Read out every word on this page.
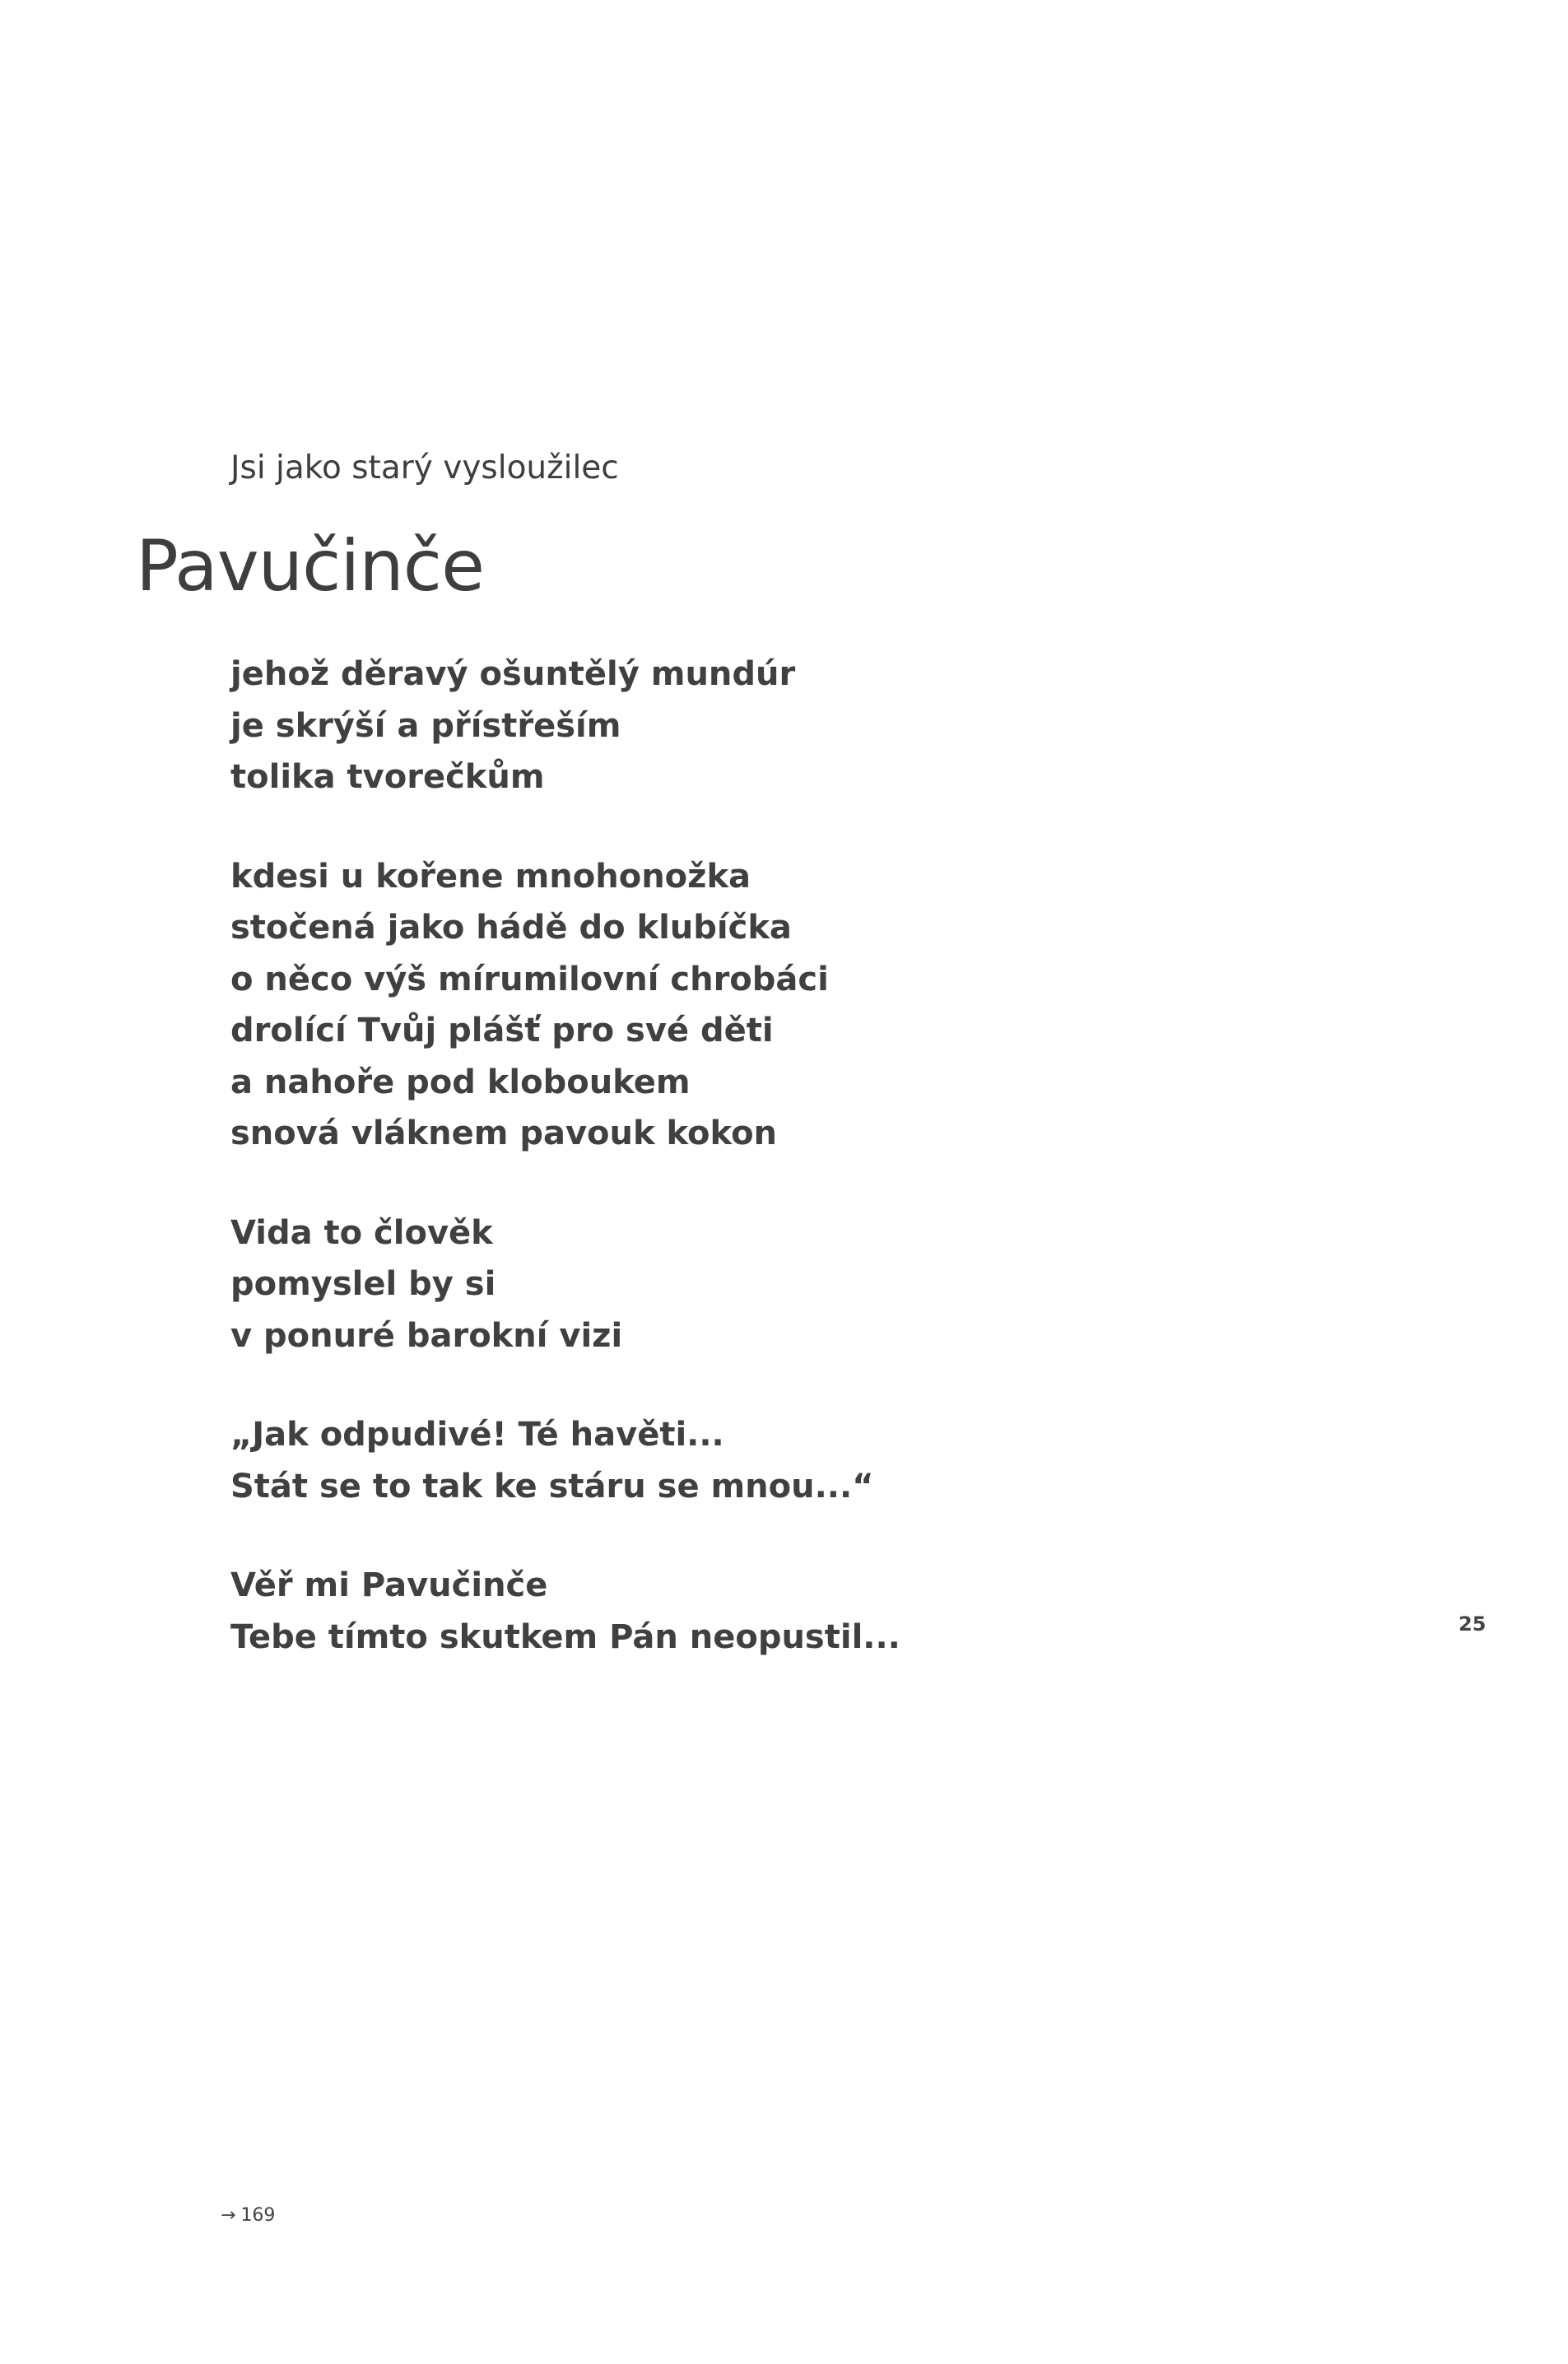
Jsi jako starý vysloužilec
Pavučinče
jehož děravý ošuntělý mundúr
je skrýší a přístřeším
tolika tvorečkům
kdesi u kořene mnohonožka
stočená jako hádě do klubíčka
o něco výš mírumilovní chrobáci
drolící Tvůj plášť pro své děti
a nahoře pod kloboukem
snová vláknem pavouk kokon
Vida to člověk
pomyslel by si
v ponuré barokní vizi
„Jak odpudivé! Té havěti...
Stát se to tak ke stáru se mnou...“
Věř mi Pavučinče
Tebe tímto skutkem Pán neopustil...	25
→ 169
